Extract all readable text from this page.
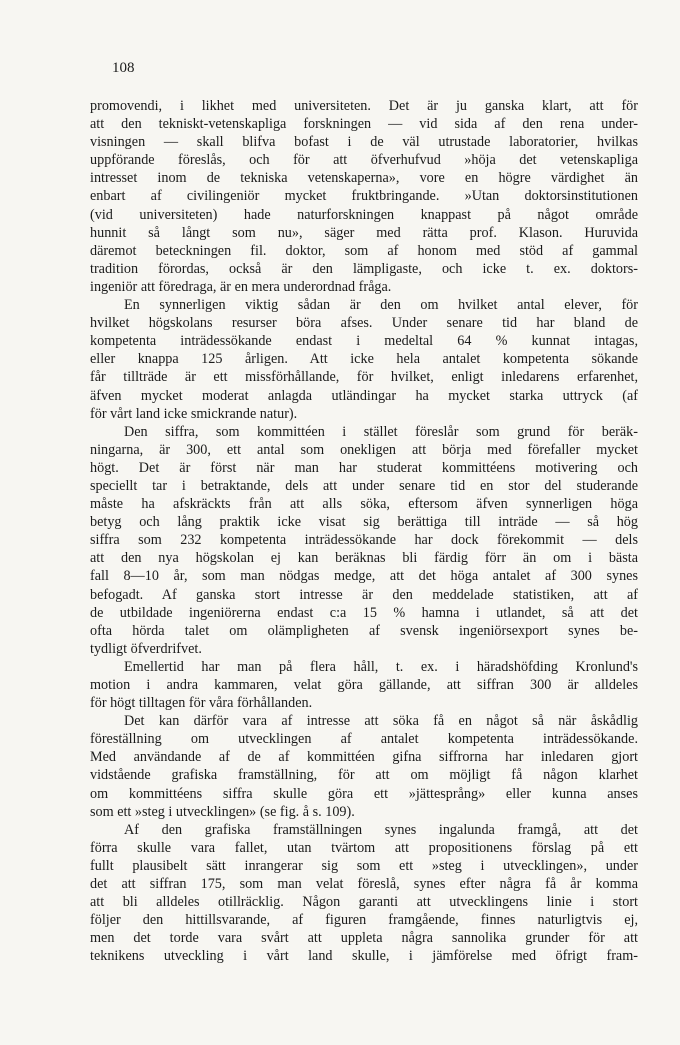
108
promovendi, i likhet med universiteten. Det är ju ganska klart, att för
att den tekniskt-vetenskapliga forskningen — vid sida af den rena under-
visningen — skall blifva bofast i de väl utrustade laboratorier, hvilkas
uppförande föreslås, och för att öfverhufvud »höja det vetenskapliga
intresset inom de tekniska vetenskaperna», vore en högre värdighet än
enbart af civilingeniör mycket fruktbringande. »Utan doktorsinstitutionen
(vid universiteten) hade naturforskningen knappast på något område
hunnit så långt som nu», säger med rätta prof. Klason. Huruvida
däremot beteckningen fil. doktor, som af honom med stöd af gammal
tradition förordas, också är den lämpligaste, och icke t. ex. doktors-
ingeniör att föredraga, är en mera underordnad fråga.
En synnerligen viktig sådan är den om hvilket antal elever, för
hvilket högskolans resurser böra afses. Under senare tid har bland de
kompetenta inträdessökande endast i medeltal 64 % kunnat intagas,
eller knappa 125 årligen. Att icke hela antalet kompetenta sökande
får tillträde är ett missförhållande, för hvilket, enligt inledarens erfarenhet,
äfven mycket moderat anlagda utländingar ha mycket starka uttryck (af
för vårt land icke smickrande natur).
Den siffra, som kommittéen i stället föreslår som grund för beräk-
ningarna, är 300, ett antal som onekligen att börja med förefaller mycket
högt. Det är först när man har studerat kommittéens motivering och
speciellt tar i betraktande, dels att under senare tid en stor del studerande
måste ha afskräckts från att alls söka, eftersom äfven synnerligen höga
betyg och lång praktik icke visat sig berättiga till inträde — så hög
siffra som 232 kompetenta inträdessökande har dock förekommit — dels
att den nya högskolan ej kan beräknas bli färdig förr än om i bästa
fall 8—10 år, som man nödgas medge, att det höga antalet af 300 synes
befogadt. Af ganska stort intresse är den meddelade statistiken, att af
de utbildade ingeniörerna endast c:a 15 % hamna i utlandet, så att det
ofta hörda talet om olämpligheten af svensk ingeniörsexport synes be-
tydligt öfverdrifvet.
Emellertid har man på flera håll, t. ex. i häradshöfding Kronlund's
motion i andra kammaren, velat göra gällande, att siffran 300 är alldeles
för högt tilltagen för våra förhållanden.
Det kan därför vara af intresse att söka få en något så när åskådlig
föreställning om utvecklingen af antalet kompetenta inträdessökande.
Med användande af de af kommittéen gifna siffrorna har inledaren gjort
vidstående grafiska framställning, för att om möjligt få någon klarhet
om kommittéens siffra skulle göra ett »jättesprång» eller kunna anses
som ett »steg i utvecklingen» (se fig. å s. 109).
Af den grafiska framställningen synes ingalunda framgå, att det
förra skulle vara fallet, utan tvärtom att propositionens förslag på ett
fullt plausibelt sätt inrangerar sig som ett »steg i utvecklingen», under
det att siffran 175, som man velat föreslå, synes efter några få år komma
att bli alldeles otillräcklig. Någon garanti att utvecklingens linie i stort
följer den hittillsvarande, af figuren framgående, finnes naturligtvis ej,
men det torde vara svårt att uppleta några sannolika grunder för att
teknikens utveckling i vårt land skulle, i jämförelse med öfrigt fram-
